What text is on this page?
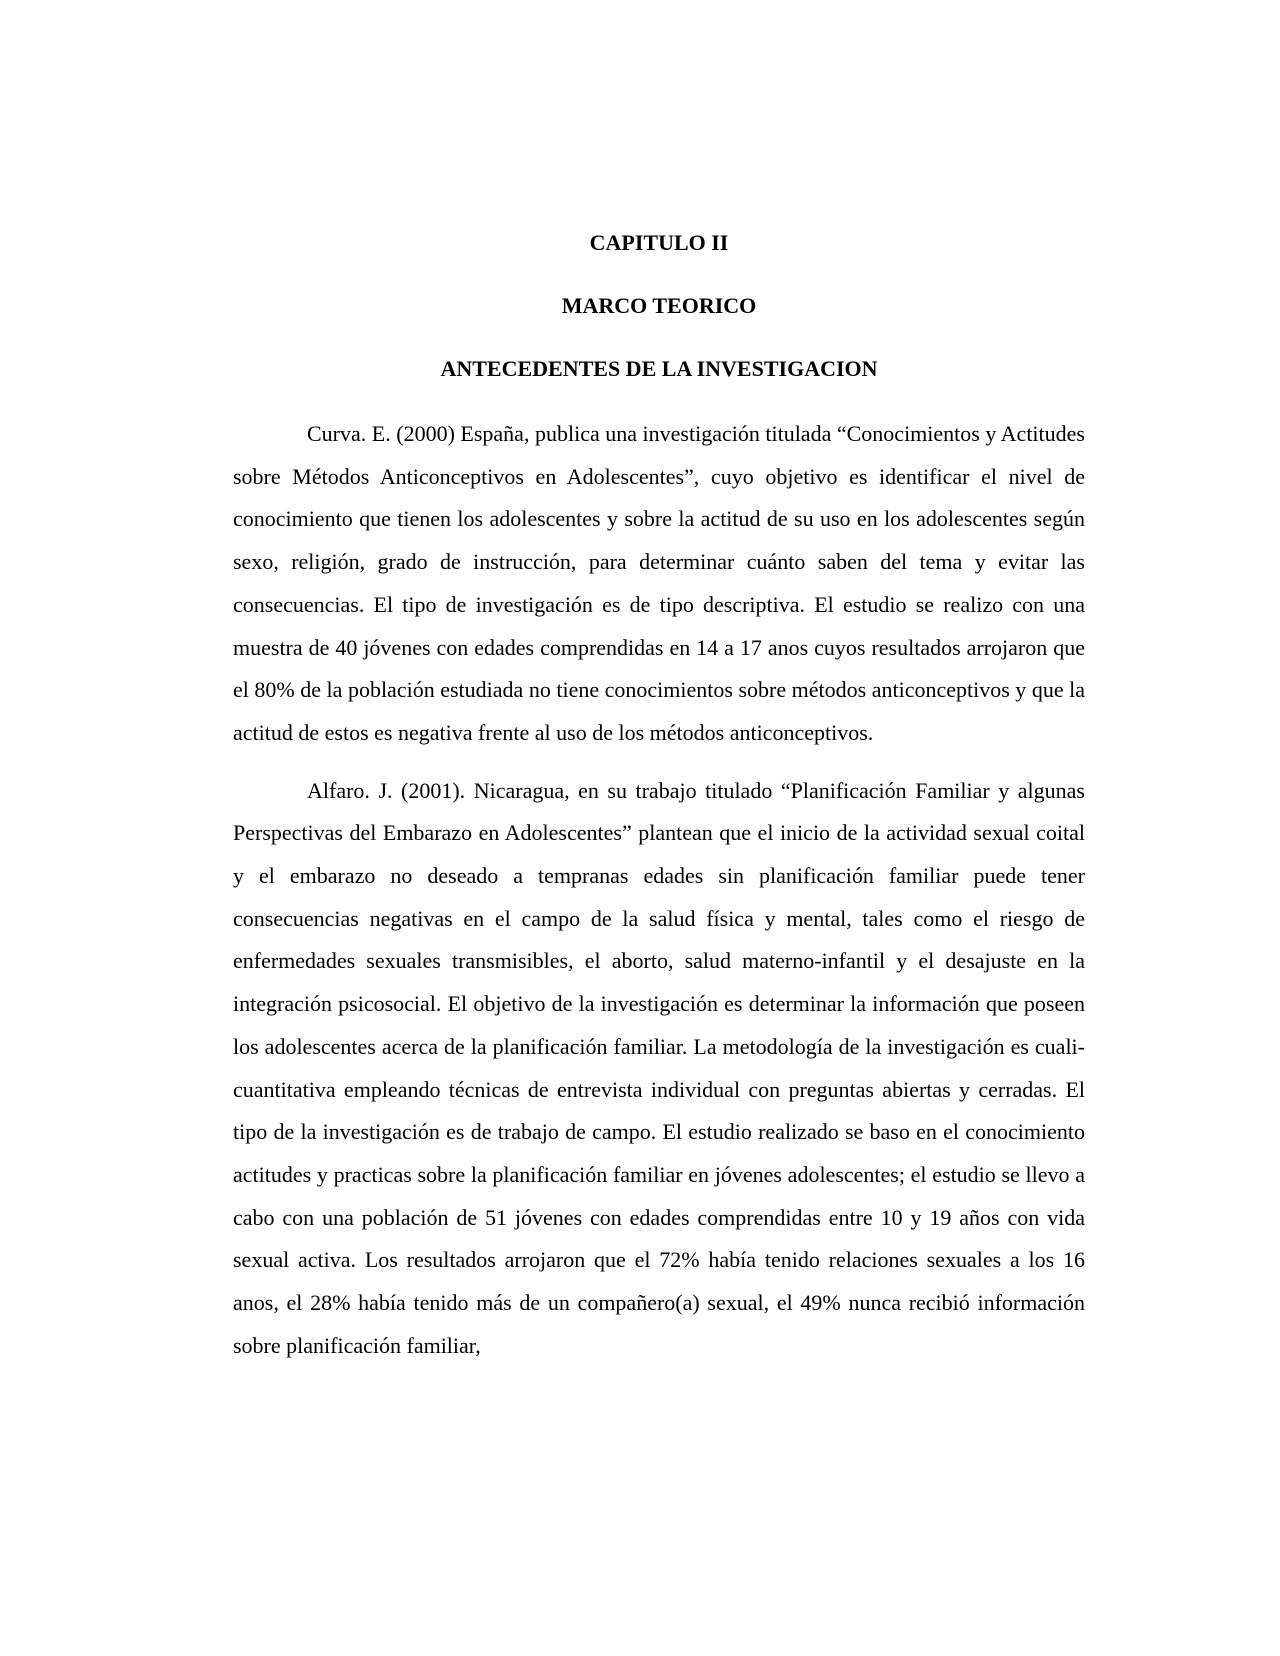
CAPITULO II

MARCO TEORICO

ANTECEDENTES DE LA INVESTIGACION

Curva. E. (2000) España, publica una investigación titulada “Conocimientos y Actitudes sobre Métodos Anticonceptivos en Adolescentes”, cuyo objetivo es identificar el nivel de conocimiento que tienen los adolescentes y sobre la actitud de su uso en los adolescentes según sexo, religión, grado de instrucción, para determinar cuánto saben del tema y evitar las consecuencias. El tipo de investigación es de tipo descriptiva. El estudio se realizo con una muestra de 40 jóvenes con edades comprendidas en 14 a 17 anos cuyos resultados arrojaron que el 80% de la población estudiada no tiene conocimientos sobre métodos anticonceptivos y que la actitud de estos es negativa frente al uso de los métodos anticonceptivos.

Alfaro. J. (2001). Nicaragua, en su trabajo titulado “Planificación Familiar y algunas Perspectivas del Embarazo en Adolescentes” plantean que el inicio de la actividad sexual coital y el embarazo no deseado a tempranas edades sin planificación familiar puede tener consecuencias negativas en el campo de la salud física y mental, tales como el riesgo de enfermedades sexuales transmisibles, el aborto, salud materno-infantil y el desajuste en la integración psicosocial. El objetivo de la investigación es determinar la información que poseen los adolescentes acerca de la planificación familiar. La metodología de la investigación es cuali-cuantitativa empleando técnicas de entrevista individual con preguntas abiertas y cerradas. El tipo de la investigación es de trabajo de campo. El estudio realizado se baso en el conocimiento actitudes y practicas sobre la planificación familiar en jóvenes adolescentes; el estudio se llevo a cabo con una población de 51 jóvenes con edades comprendidas entre 10 y 19 años con vida sexual activa. Los resultados arrojaron que el 72% había tenido relaciones sexuales a los 16 anos, el 28% había tenido más de un compañero(a) sexual, el 49% nunca recibió información sobre planificación familiar,
